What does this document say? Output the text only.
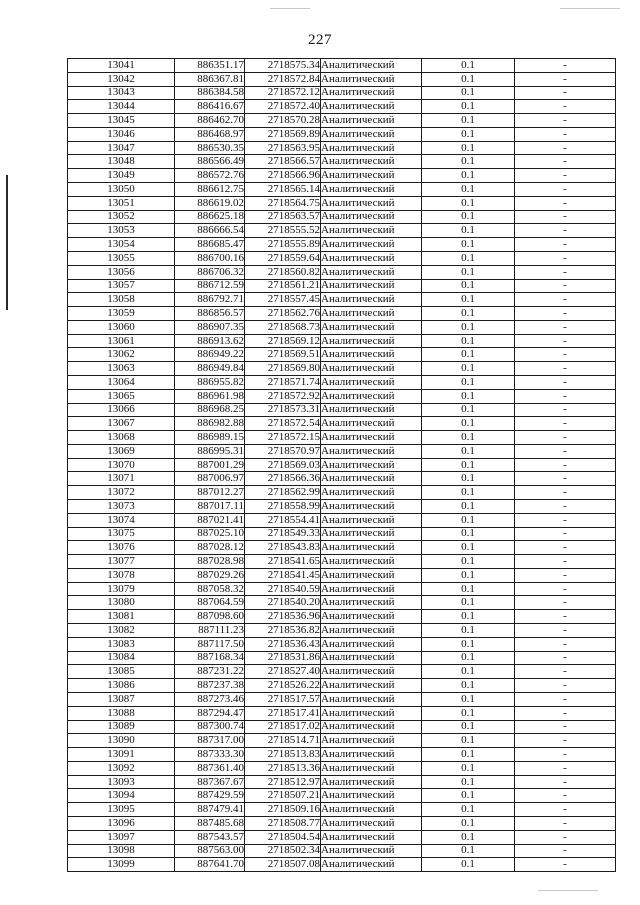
227
13041	886351.17	2718575.34	Аналитический	0.1	-
13042	886367.81	2718572.84	Аналитический	0.1	-
13043	886384.58	2718572.12	Аналитический	0.1	-
13044	886416.67	2718572.40	Аналитический	0.1	-
13045	886462.70	2718570.28	Аналитический	0.1	-
13046	886468.97	2718569.89	Аналитический	0.1	-
13047	886530.35	2718563.95	Аналитический	0.1	-
13048	886566.49	2718566.57	Аналитический	0.1	-
13049	886572.76	2718566.96	Аналитический	0.1	-
13050	886612.75	2718565.14	Аналитический	0.1	-
13051	886619.02	2718564.75	Аналитический	0.1	-
13052	886625.18	2718563.57	Аналитический	0.1	-
13053	886666.54	2718555.52	Аналитический	0.1	-
13054	886685.47	2718555.89	Аналитический	0.1	-
13055	886700.16	2718559.64	Аналитический	0.1	-
13056	886706.32	2718560.82	Аналитический	0.1	-
13057	886712.59	2718561.21	Аналитический	0.1	-
13058	886792.71	2718557.45	Аналитический	0.1	-
13059	886856.57	2718562.76	Аналитический	0.1	-
13060	886907.35	2718568.73	Аналитический	0.1	-
13061	886913.62	2718569.12	Аналитический	0.1	-
13062	886949.22	2718569.51	Аналитический	0.1	-
13063	886949.84	2718569.80	Аналитический	0.1	-
13064	886955.82	2718571.74	Аналитический	0.1	-
13065	886961.98	2718572.92	Аналитический	0.1	-
13066	886968.25	2718573.31	Аналитический	0.1	-
13067	886982.88	2718572.54	Аналитический	0.1	-
13068	886989.15	2718572.15	Аналитический	0.1	-
13069	886995.31	2718570.97	Аналитический	0.1	-
13070	887001.29	2718569.03	Аналитический	0.1	-
13071	887006.97	2718566.36	Аналитический	0.1	-
13072	887012.27	2718562.99	Аналитический	0.1	-
13073	887017.11	2718558.99	Аналитический	0.1	-
13074	887021.41	2718554.41	Аналитический	0.1	-
13075	887025.10	2718549.33	Аналитический	0.1	-
13076	887028.12	2718543.83	Аналитический	0.1	-
13077	887028.98	2718541.65	Аналитический	0.1	-
13078	887029.26	2718541.45	Аналитический	0.1	-
13079	887058.32	2718540.59	Аналитический	0.1	-
13080	887064.59	2718540.20	Аналитический	0.1	-
13081	887098.60	2718536.96	Аналитический	0.1	-
13082	887111.23	2718536.82	Аналитический	0.1	-
13083	887117.50	2718536.43	Аналитический	0.1	-
13084	887168.34	2718531.86	Аналитический	0.1	-
13085	887231.22	2718527.40	Аналитический	0.1	-
13086	887237.38	2718526.22	Аналитический	0.1	-
13087	887273.46	2718517.57	Аналитический	0.1	-
13088	887294.47	2718517.41	Аналитический	0.1	-
13089	887300.74	2718517.02	Аналитический	0.1	-
13090	887317.00	2718514.71	Аналитический	0.1	-
13091	887333.30	2718513.83	Аналитический	0.1	-
13092	887361.40	2718513.36	Аналитический	0.1	-
13093	887367.67	2718512.97	Аналитический	0.1	-
13094	887429.59	2718507.21	Аналитический	0.1	-
13095	887479.41	2718509.16	Аналитический	0.1	-
13096	887485.68	2718508.77	Аналитический	0.1	-
13097	887543.57	2718504.54	Аналитический	0.1	-
13098	887563.00	2718502.34	Аналитический	0.1	-
13099	887641.70	2718507.08	Аналитический	0.1	-
